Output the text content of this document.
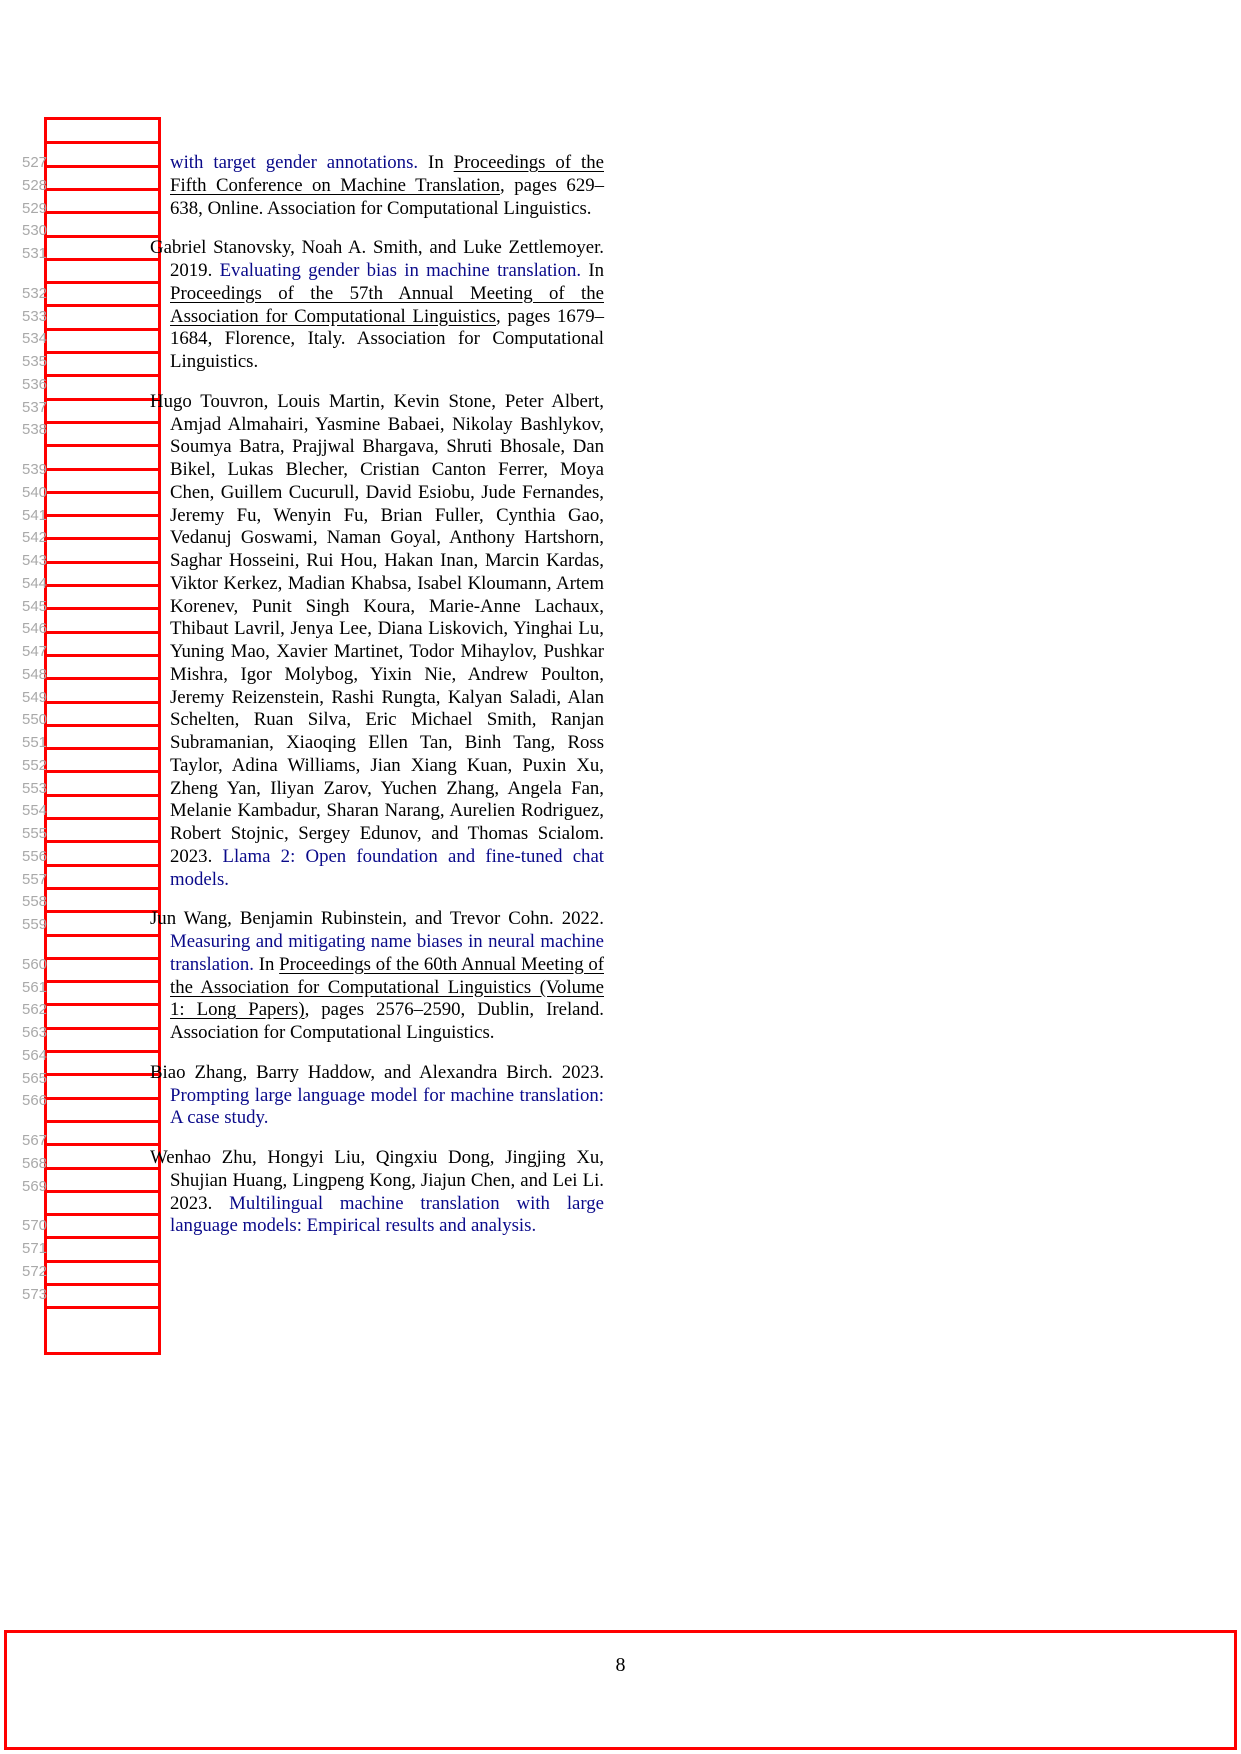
527
528
529
530
531
532
533
534
535
536
537
538
539
540
541
542
543
544
545
546
547
548
549
550
551
552
553
554
555
556
557
558
559
560
561
562
563
564
565
566
567
568
569
570
571
572
573

with target gender annotations. In Proceedings of the Fifth Conference on Machine Translation, pages 629–638, Online. Association for Computational Linguistics.

Gabriel Stanovsky, Noah A. Smith, and Luke Zettlemoyer. 2019. Evaluating gender bias in machine translation. In Proceedings of the 57th Annual Meeting of the Association for Computational Linguistics, pages 1679–1684, Florence, Italy. Association for Computational Linguistics.

Hugo Touvron, Louis Martin, Kevin Stone, Peter Albert, Amjad Almahairi, Yasmine Babaei, Nikolay Bashlykov, Soumya Batra, Prajjwal Bhargava, Shruti Bhosale, Dan Bikel, Lukas Blecher, Cristian Canton Ferrer, Moya Chen, Guillem Cucurull, David Esiobu, Jude Fernandes, Jeremy Fu, Wenyin Fu, Brian Fuller, Cynthia Gao, Vedanuj Goswami, Naman Goyal, Anthony Hartshorn, Saghar Hosseini, Rui Hou, Hakan Inan, Marcin Kardas, Viktor Kerkez, Madian Khabsa, Isabel Kloumann, Artem Korenev, Punit Singh Koura, Marie-Anne Lachaux, Thibaut Lavril, Jenya Lee, Diana Liskovich, Yinghai Lu, Yuning Mao, Xavier Martinet, Todor Mihaylov, Pushkar Mishra, Igor Molybog, Yixin Nie, Andrew Poulton, Jeremy Reizenstein, Rashi Rungta, Kalyan Saladi, Alan Schelten, Ruan Silva, Eric Michael Smith, Ranjan Subramanian, Xiaoqing Ellen Tan, Binh Tang, Ross Taylor, Adina Williams, Jian Xiang Kuan, Puxin Xu, Zheng Yan, Iliyan Zarov, Yuchen Zhang, Angela Fan, Melanie Kambadur, Sharan Narang, Aurelien Rodriguez, Robert Stojnic, Sergey Edunov, and Thomas Scialom. 2023. Llama 2: Open foundation and fine-tuned chat models.

Jun Wang, Benjamin Rubinstein, and Trevor Cohn. 2022. Measuring and mitigating name biases in neural machine translation. In Proceedings of the 60th Annual Meeting of the Association for Computational Linguistics (Volume 1: Long Papers), pages 2576–2590, Dublin, Ireland. Association for Computational Linguistics.

Biao Zhang, Barry Haddow, and Alexandra Birch. 2023. Prompting large language model for machine translation: A case study.

Wenhao Zhu, Hongyi Liu, Qingxiu Dong, Jingjing Xu, Shujian Huang, Lingpeng Kong, Jiajun Chen, and Lei Li. 2023. Multilingual machine translation with large language models: Empirical results and analysis.

8
